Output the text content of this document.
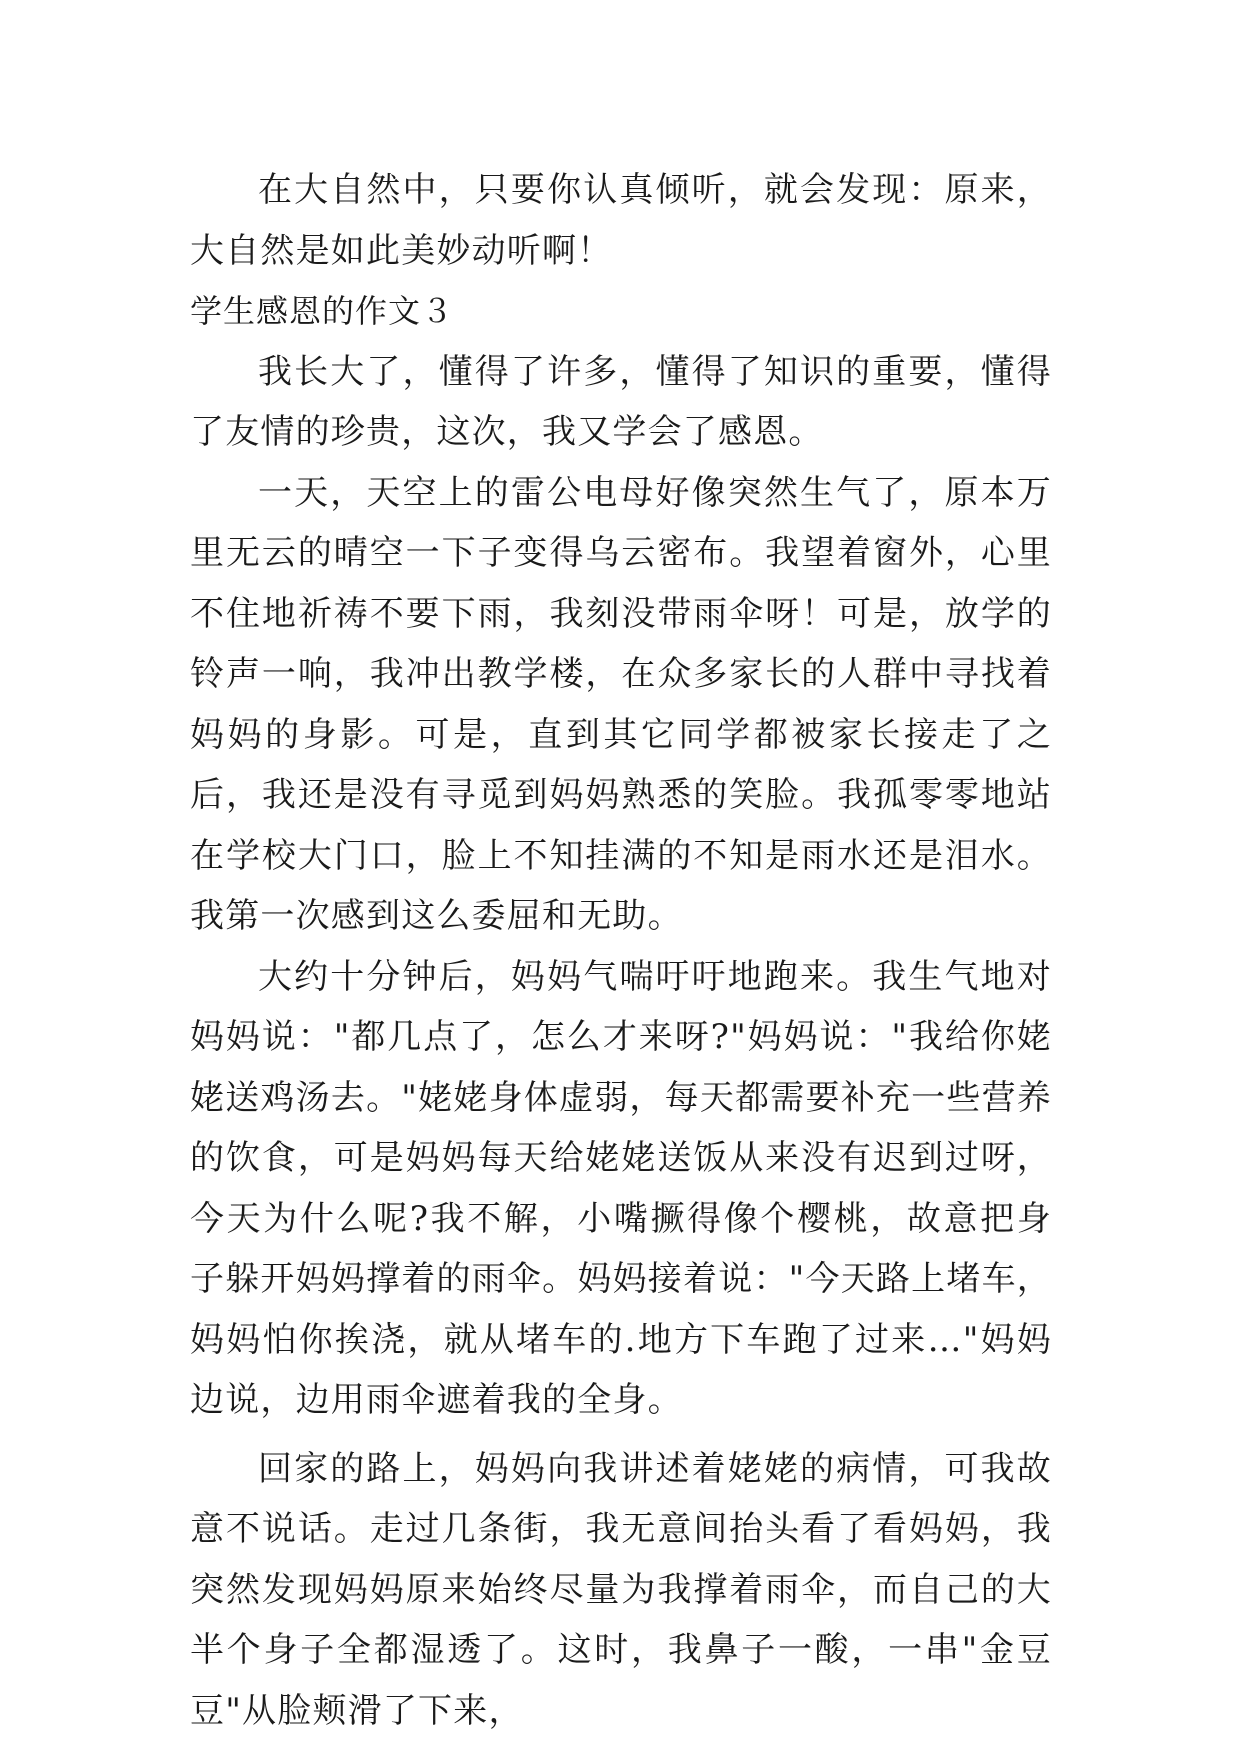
在大自然中，只要你认真倾听，就会发现：原来，大自然是如此美妙动听啊！

学生感恩的作文３

我长大了，懂得了许多，懂得了知识的重要，懂得了友情的珍贵，这次，我又学会了感恩。

一天，天空上的雷公电母好像突然生气了，原本万里无云的晴空一下子变得乌云密布。我望着窗外，心里不住地祈祷不要下雨，我刻没带雨伞呀！可是，放学的铃声一响，我冲出教学楼，在众多家长的人群中寻找着妈妈的身影。可是，直到其它同学都被家长接走了之后，我还是没有寻觅到妈妈熟悉的笑脸。我孤零零地站在学校大门口，脸上不知挂满的不知是雨水还是泪水。我第一次感到这么委屈和无助。

大约十分钟后，妈妈气喘吁吁地跑来。我生气地对妈妈说："都几点了，怎么才来呀?"妈妈说："我给你姥姥送鸡汤去。"姥姥身体虚弱，每天都需要补充一些营养的饮食，可是妈妈每天给姥姥送饭从来没有迟到过呀，今天为什么呢?我不解，小嘴撅得像个樱桃，故意把身子躲开妈妈撑着的雨伞。妈妈接着说："今天路上堵车，妈妈怕你挨浇，就从堵车的.地方下车跑了过来…"妈妈边说，边用雨伞遮着我的全身。

回家的路上，妈妈向我讲述着姥姥的病情，可我故意不说话。走过几条街，我无意间抬头看了看妈妈，我突然发现妈妈原来始终尽量为我撑着雨伞，而自己的大半个身子全都湿透了。这时，我鼻子一酸，一串"金豆豆"从脸颊滑了下来，
